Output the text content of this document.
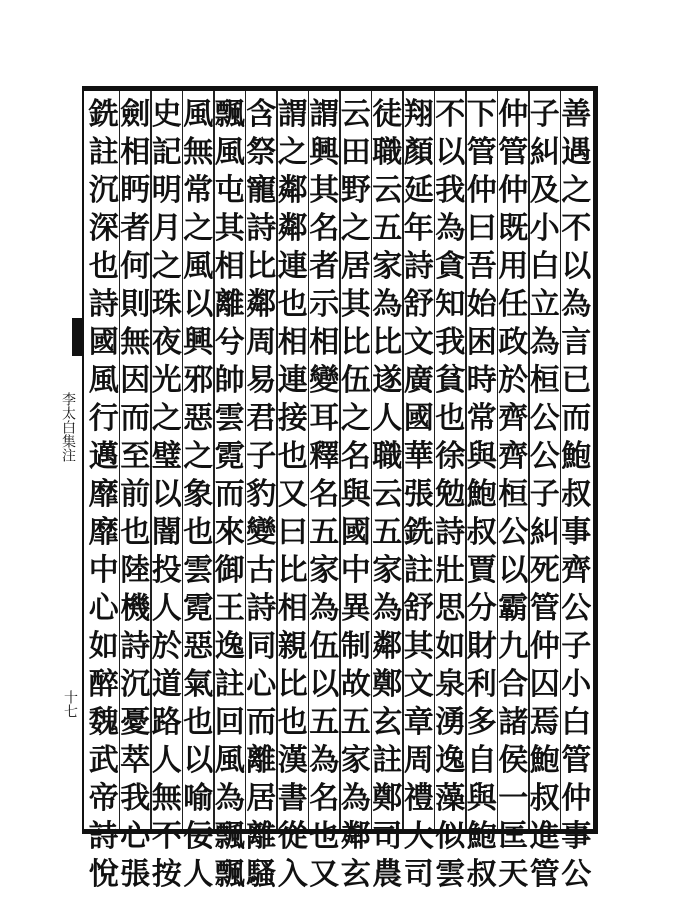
李太白集注
十七
善
遇
之
不
以
為
言
已
而
鮑
叔
事
齊
公
子
小
白
管
仲
事
公
子
糾
及
小
白
立
為
桓
公
公
子
糾
死
管
仲
囚
焉
鮑
叔
進
管
仲
管
仲
既
用
任
政
於
齊
齊
桓
公
以
霸
九
合
諸
侯
一
匡
天
下
管
仲
曰
吾
始
困
時
常
與
鮑
叔
賈
分
財
利
多
自
與
鮑
叔
不
以
我
為
貪
知
我
貧
也
徐
勉
詩
壯
思
如
泉
湧
逸
藻
似
雲
翔
顏
延
年
詩
舒
文
廣
國
華
張
銑
註
舒
其
文
章
周
禮
大
司
徒
職
云
五
家
為
比
遂
人
職
云
五
家
為
鄰
鄭
玄
註
鄭
司
農
云
田
野
之
居
其
比
伍
之
名
與
國
中
異
制
故
五
家
為
鄰
玄
謂
興
其
名
者
示
相
變
耳
釋
名
五
家
為
伍
以
五
為
名
也
又
謂
之
鄰
鄰
連
也
相
連
接
也
又
曰
比
相
親
比
也
漢
書
從
入
含
祭
寵
詩
比
鄰
周
易
君
子
豹
變
古
詩
同
心
而
離
居
離
騷
飄
風
屯
其
相
離
兮
帥
雲
霓
而
來
御
王
逸
註
回
風
為
飄
飄
風
無
常
之
風
以
興
邪
惡
之
象
也
雲
霓
惡
氣
也
以
喻
佞
人
史
記
明
月
之
珠
夜
光
之
璧
以
闇
投
人
於
道
路
人
無
不
按
劍
相
眄
者
何
則
無
因
而
至
前
也
陸
機
詩
沉
憂
萃
我
心
張
銑
註
沉
深
也
詩
國
風
行
邁
靡
靡
中
心
如
醉
魏
武
帝
詩
悅
